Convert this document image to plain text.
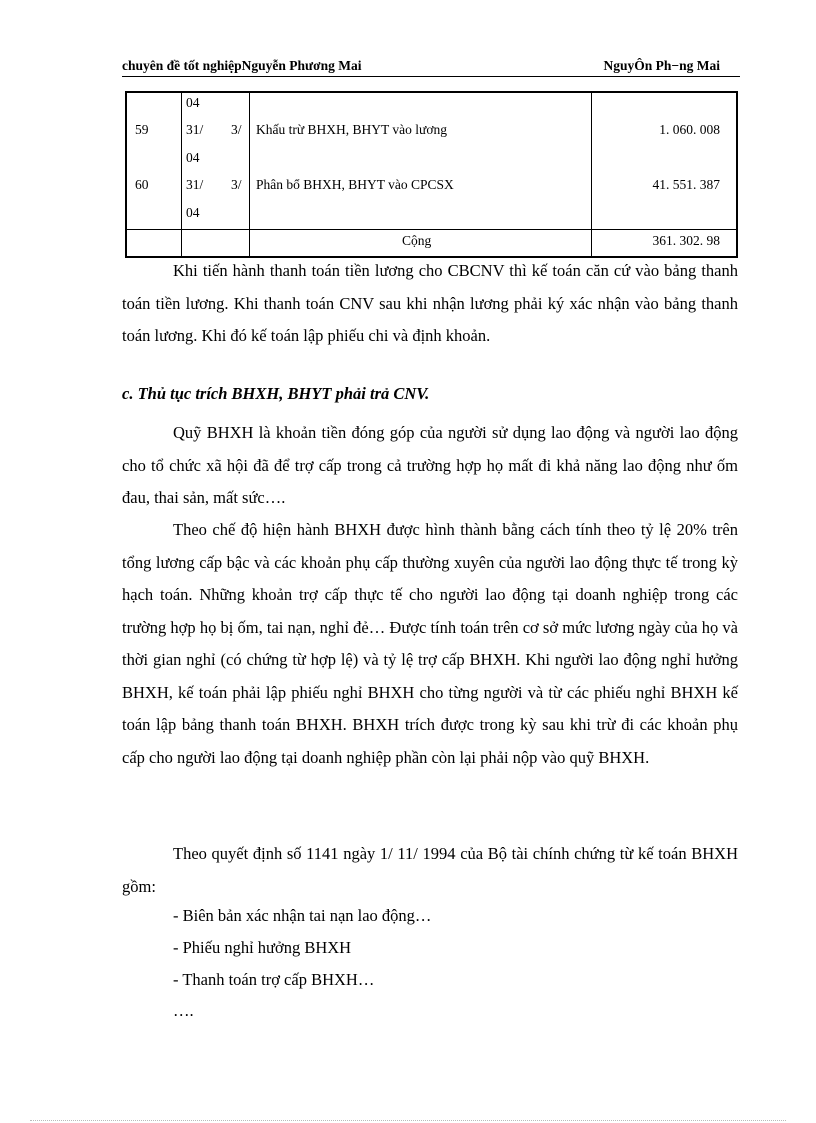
chuyên đề tốt nghiệpNguyễn Phương Mai	NguyÔn Ph−ng Mai
04
59	31/ 3/ Khấu trừ BHXH, BHYT vào lương	1. 060. 008
04
60	31/ 3/ Phân bổ BHXH, BHYT vào CPCSX	41. 551. 387
04
Cộng	361. 302. 98

Khi tiến hành thanh toán tiền lương cho CBCNV thì kế toán căn cứ vào bảng thanh toán tiền lương. Khi thanh toán CNV sau khi nhận lương phải ký xác nhận vào bảng thanh toán lương. Khi đó kế toán lập phiếu chi và định khoản.

c. Thủ tục trích BHXH, BHYT phải trả CNV.

Quỹ BHXH là khoản tiền đóng góp của người sử dụng lao động và người lao động cho tổ chức xã hội đã để trợ cấp trong cả trường hợp họ mất đi khả năng lao động như ốm đau, thai sản, mất sức….

Theo chế độ hiện hành BHXH được hình thành bằng cách tính theo tỷ lệ 20% trên tổng lương cấp bậc và các khoản phụ cấp thường xuyên của người lao động thực tế trong kỳ hạch toán. Những khoản trợ cấp thực tế cho người lao động tại doanh nghiệp trong các trường hợp họ bị ốm, tai nạn, nghỉ đẻ… Được tính toán trên cơ sở mức lương ngày của họ và thời gian nghỉ (có chứng từ hợp lệ) và tỷ lệ trợ cấp BHXH. Khi người lao động nghỉ hưởng BHXH, kế toán phải lập phiếu nghỉ BHXH cho từng người và từ các phiếu nghỉ BHXH kế toán lập bảng thanh toán BHXH. BHXH trích được trong kỳ sau khi trừ đi các khoản phụ cấp cho người lao động tại doanh nghiệp phần còn lại phải nộp vào quỹ BHXH.

Theo quyết định số 1141 ngày 1/ 11/ 1994 của Bộ tài chính chứng từ kế toán BHXH gồm:

- Biên bản xác nhận tai nạn lao động…

- Phiếu nghỉ hưởng BHXH

- Thanh toán trợ cấp BHXH…

….
